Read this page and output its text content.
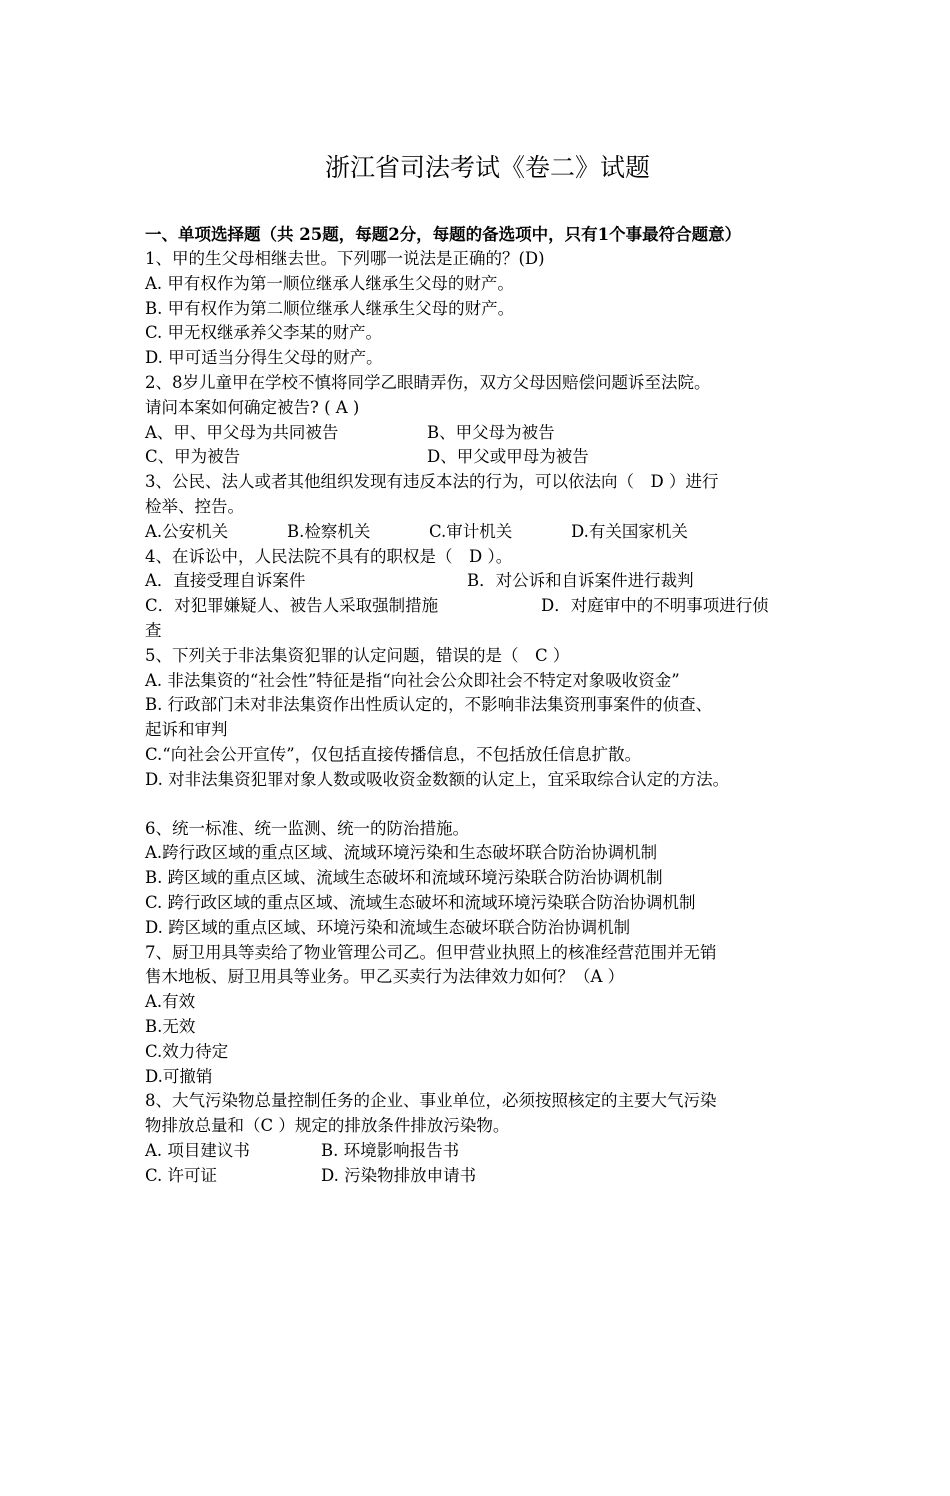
浙江省司法考试《卷二》试题
一、单项选择题（共 25题，每题2分，每题的备选项中，只有1个事最符合题意）
1、甲的生父母相继去世。下列哪一说法是正确的？(D)
A. 甲有权作为第一顺位继承人继承生父母的财产。
B. 甲有权作为第二顺位继承人继承生父母的财产。
C. 甲无权继承养父李某的财产。
D. 甲可适当分得生父母的财产。
2、8岁儿童甲在学校不慎将同学乙眼睛弄伤，双方父母因赔偿问题诉至法院。
请问本案如何确定被告? ( A )
A、甲、甲父母为共同被告	B、甲父母为被告
C、甲为被告	D、甲父或甲母为被告
3、公民、法人或者其他组织发现有违反本法的行为，可以依法向（　D ）进行
检举、控告。
A.公安机关	B.检察机关	C.审计机关	D.有关国家机关
4、在诉讼中，人民法院不具有的职权是（　D ）。
A．直接受理自诉案件	B．对公诉和自诉案件进行裁判
C．对犯罪嫌疑人、被告人采取强制措施	D．对庭审中的不明事项进行侦
查
5、下列关于非法集资犯罪的认定问题，错误的是（　C ）
A. 非法集资的“社会性”特征是指“向社会公众即社会不特定对象吸收资金”
B. 行政部门未对非法集资作出性质认定的，不影响非法集资刑事案件的侦查、
起诉和审判
C.“向社会公开宣传”，仅包括直接传播信息，不包括放任信息扩散。
D. 对非法集资犯罪对象人数或吸收资金数额的认定上，宜采取综合认定的方法。
6、统一标准、统一监测、统一的防治措施。
A.跨行政区域的重点区域、流域环境污染和生态破坏联合防治协调机制
B. 跨区域的重点区域、流域生态破坏和流域环境污染联合防治协调机制
C. 跨行政区域的重点区域、流域生态破坏和流域环境污染联合防治协调机制
D. 跨区域的重点区域、环境污染和流域生态破坏联合防治协调机制
7、厨卫用具等卖给了物业管理公司乙。但甲营业执照上的核准经营范围并无销
售木地板、厨卫用具等业务。甲乙买卖行为法律效力如何？（A ）
A.有效
B.无效
C.效力待定
D.可撤销
8、大气污染物总量控制任务的企业、事业单位，必须按照核定的主要大气污染
物排放总量和（C ）规定的排放条件排放污染物。
A. 项目建议书	B. 环境影响报告书
C. 许可证	D. 污染物排放申请书
